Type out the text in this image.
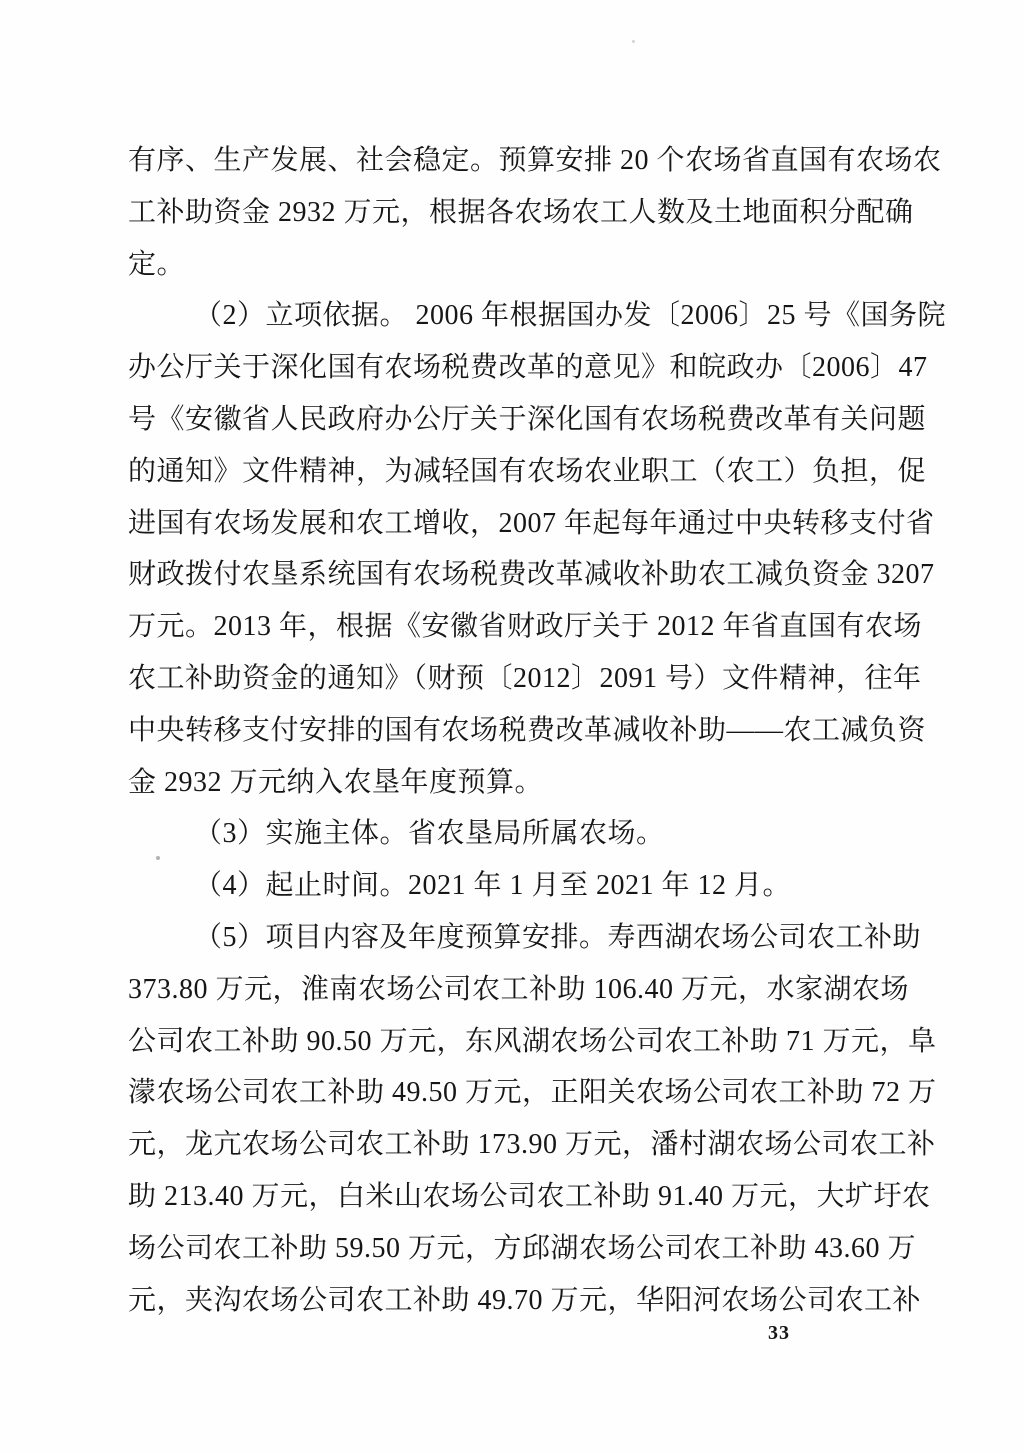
有序、生产发展、社会稳定。预算安排 20 个农场省直国有农场农
工补助资金 2932 万元，根据各农场农工人数及土地面积分配确
定。
（2）立项依据。 2006 年根据国办发〔2006〕25 号《国务院
办公厅关于深化国有农场税费改革的意见》和皖政办〔2006〕47
号《安徽省人民政府办公厅关于深化国有农场税费改革有关问题
的通知》文件精神，为减轻国有农场农业职工（农工）负担，促
进国有农场发展和农工增收，2007 年起每年通过中央转移支付省
财政拨付农垦系统国有农场税费改革减收补助农工减负资金 3207
万元。2013 年，根据《安徽省财政厅关于 2012 年省直国有农场
农工补助资金的通知》（财预〔2012〕2091 号）文件精神，往年
中央转移支付安排的国有农场税费改革减收补助——农工减负资
金 2932 万元纳入农垦年度预算。
（3）实施主体。省农垦局所属农场。
（4）起止时间。2021 年 1 月至 2021 年 12 月。
（5）项目内容及年度预算安排。寿西湖农场公司农工补助
373.80 万元，淮南农场公司农工补助 106.40 万元，水家湖农场
公司农工补助 90.50 万元，东风湖农场公司农工补助 71 万元，阜
濛农场公司农工补助 49.50 万元，正阳关农场公司农工补助 72 万
元，龙亢农场公司农工补助 173.90 万元，潘村湖农场公司农工补
助 213.40 万元，白米山农场公司农工补助 91.40 万元，大圹圩农
场公司农工补助 59.50 万元，方邱湖农场公司农工补助 43.60 万
元，夹沟农场公司农工补助 49.70 万元，华阳河农场公司农工补
33
